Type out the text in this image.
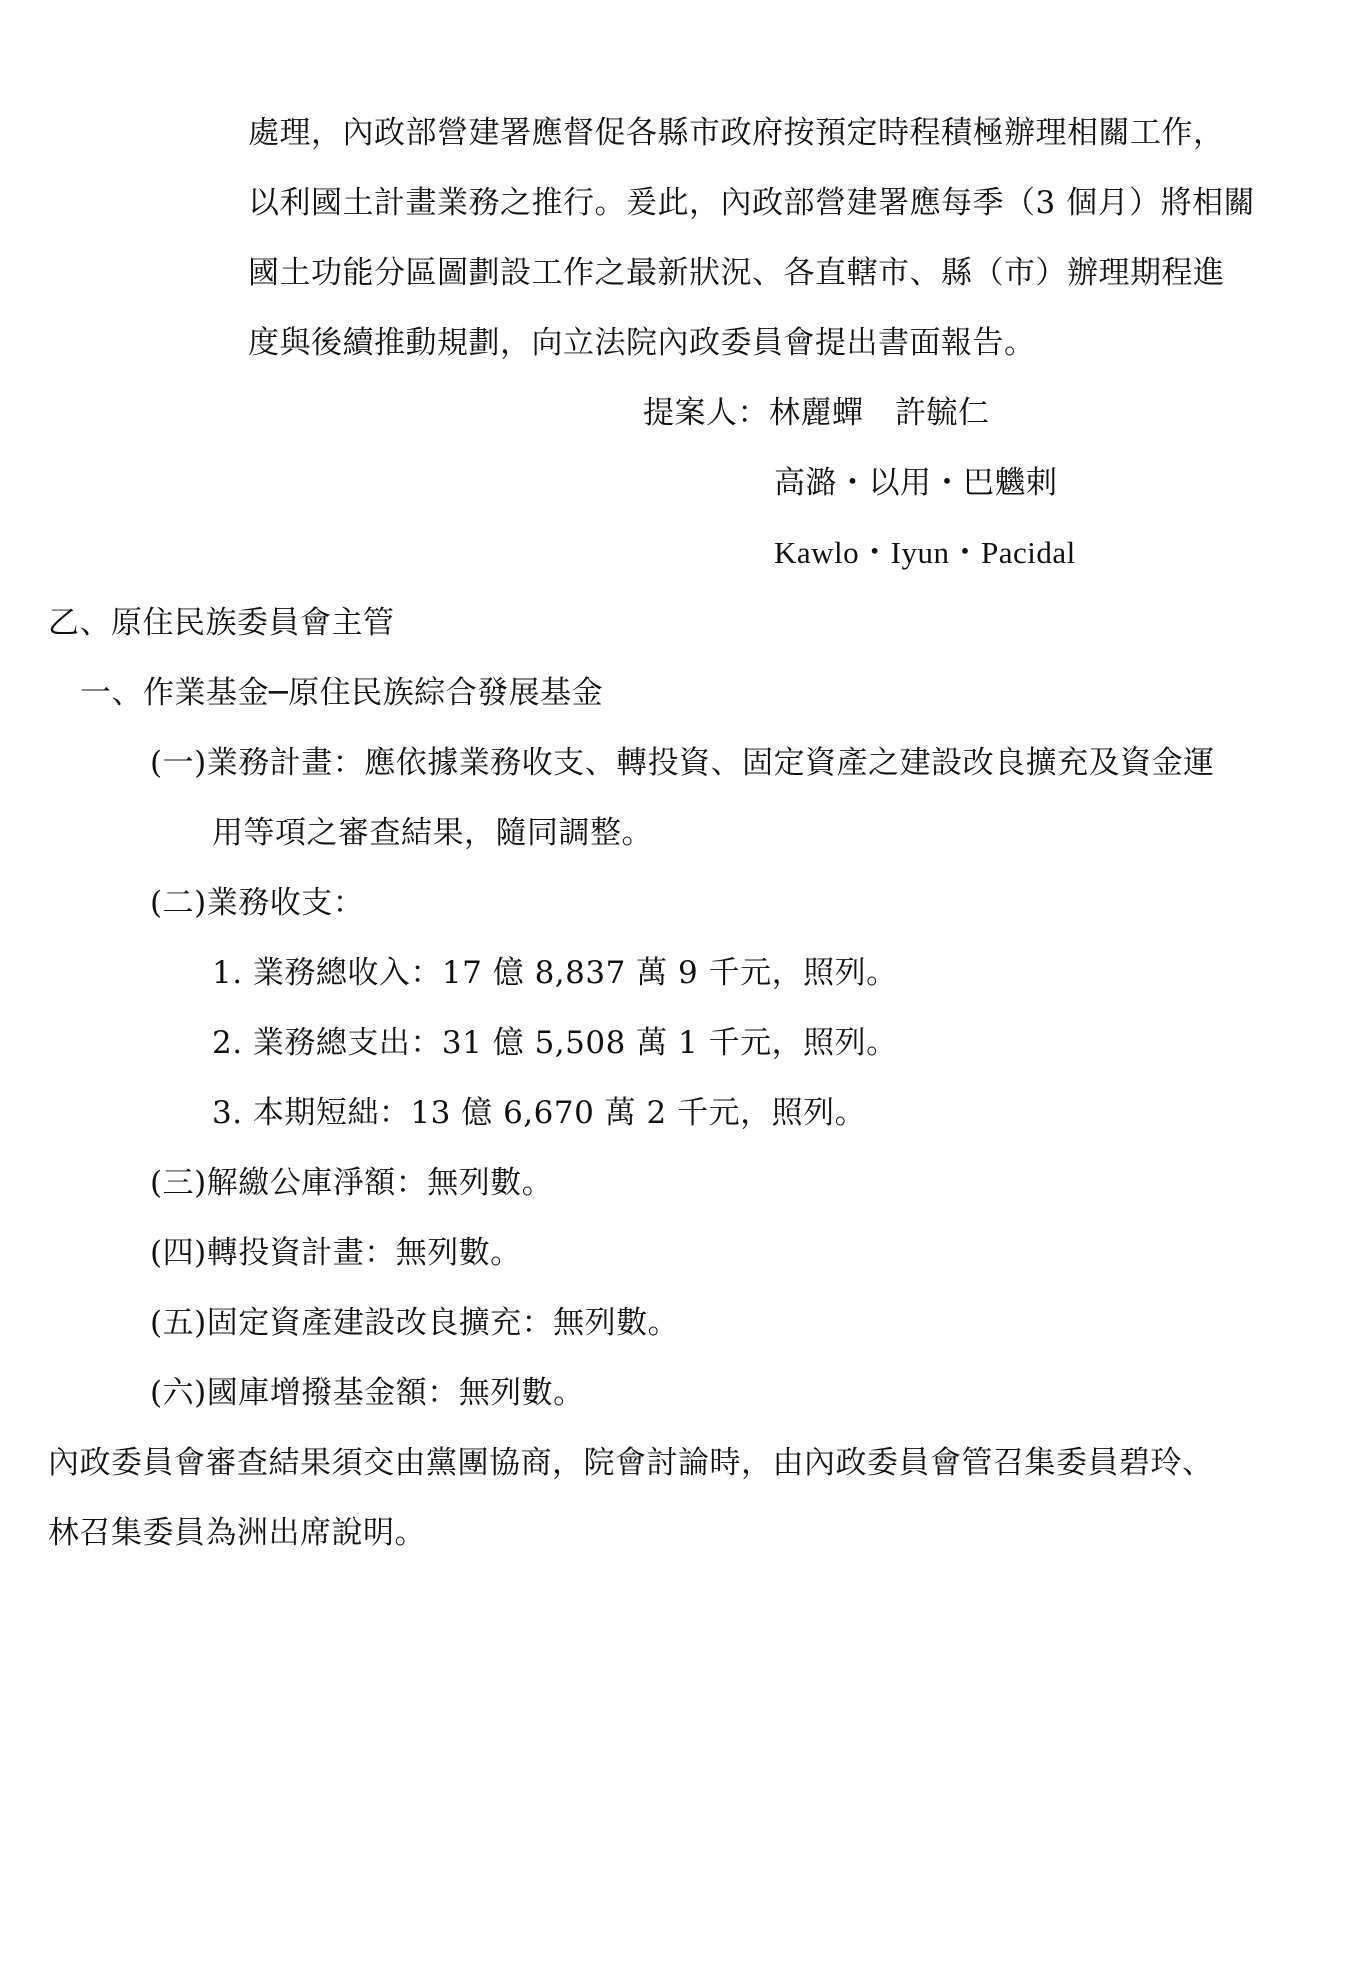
處理，內政部營建署應督促各縣市政府按預定時程積極辦理相關工作，
以利國土計畫業務之推行。爰此，內政部營建署應每季（3 個月）將相關
國土功能分區圖劃設工作之最新狀況、各直轄市、縣（市）辦理期程進
度與後續推動規劃，向立法院內政委員會提出書面報告。
提案人：林麗蟬　許毓仁
高潞・以用・巴魕剌
Kawlo・Iyun・Pacidal
乙、原住民族委員會主管
一、作業基金─原住民族綜合發展基金
(一)業務計畫：應依據業務收支、轉投資、固定資產之建設改良擴充及資金運
用等項之審查結果，隨同調整。
(二)業務收支：
1. 業務總收入：17 億 8,837 萬 9 千元，照列。
2. 業務總支出：31 億 5,508 萬 1 千元，照列。
3. 本期短絀：13 億 6,670 萬 2 千元，照列。
(三)解繳公庫淨額：無列數。
(四)轉投資計畫：無列數。
(五)固定資產建設改良擴充：無列數。
(六)國庫增撥基金額：無列數。
內政委員會審查結果須交由黨團協商，院會討論時，由內政委員會管召集委員碧玲、
林召集委員為洲出席說明。
